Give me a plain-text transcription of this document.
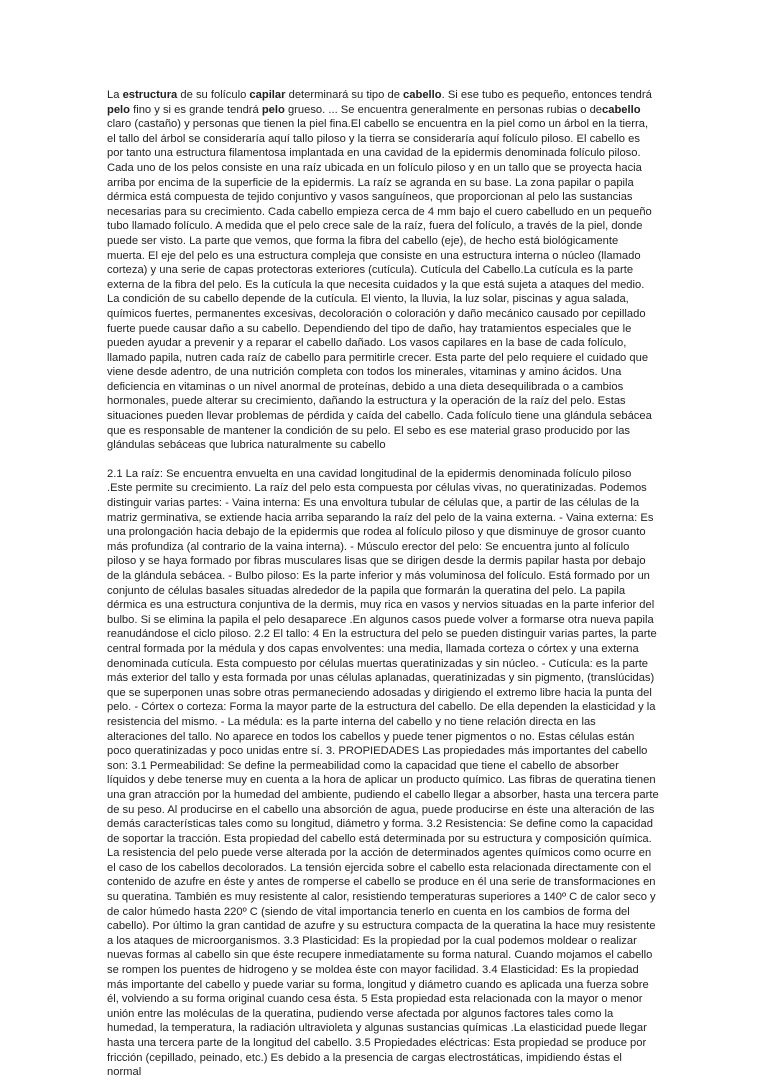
La estructura de su folículo capilar determinará su tipo de cabello. Si ese tubo es pequeño, entonces tendrá pelo fino y si es grande tendrá pelo grueso. ... Se encuentra generalmente en personas rubias o decabello claro (castaño) y personas que tienen la piel fina.El cabello se encuentra en la piel como un árbol en la tierra, el tallo del árbol se consideraría aquí tallo piloso y la tierra se consideraría aquí folículo piloso. El cabello es por tanto una estructura filamentosa implantada en una cavidad de la epidermis denominada folículo piloso. Cada uno de los pelos consiste en una raíz ubicada en un folículo piloso y en un tallo que se proyecta hacia arriba por encima de la superficie de la epidermis. La raíz se agranda en su base. La zona papilar o papila dérmica está compuesta de tejido conjuntivo y vasos sanguíneos, que proporcionan al pelo las sustancias necesarias para su crecimiento. Cada cabello empieza cerca de 4 mm bajo el cuero cabelludo en un pequeño tubo llamado folículo. A medida que el pelo crece sale de la raíz, fuera del folículo, a través de la piel, donde puede ser visto. La parte que vemos, que forma la fibra del cabello (eje), de hecho está biológicamente muerta. El eje del pelo es una estructura compleja que consiste en una estructura interna o núcleo (llamado corteza) y una serie de capas protectoras exteriores (cutícula). Cutícula del Cabello.La cutícula es la parte externa de la fibra del pelo. Es la cutícula la que necesita cuidados y la que está sujeta a ataques del medio. La condición de su cabello depende de la cutícula. El viento, la lluvia, la luz solar, piscinas y agua salada, químicos fuertes, permanentes excesivas, decoloración o coloración y daño mecánico causado por cepillado fuerte puede causar daño a su cabello. Dependiendo del tipo de daño, hay tratamientos especiales que le pueden ayudar a prevenir y a reparar el cabello dañado. Los vasos capilares en la base de cada folículo, llamado papila, nutren cada raíz de cabello para permitirle crecer. Esta parte del pelo requiere el cuidado que viene desde adentro, de una nutrición completa con todos los minerales, vitaminas y amino ácidos. Una deficiencia en vitaminas o un nivel anormal de proteínas, debido a una dieta desequilibrada o a cambios hormonales, puede alterar su crecimiento, dañando la estructura y la operación de la raíz del pelo. Estas situaciones pueden llevar problemas de pérdida y caída del cabello. Cada folículo tiene una glándula sebácea que es responsable de mantener la condición de su pelo. El sebo es ese material graso producido por las glándulas sebáceas que lubrica naturalmente su cabello

2.1 La raíz: Se encuentra envuelta en una cavidad longitudinal de la epidermis denominada folículo piloso .Este permite su crecimiento. La raíz del pelo esta compuesta por células vivas, no queratinizadas. Podemos distinguir varias partes: - Vaina interna: Es una envoltura tubular de células que, a partir de las células de la matriz germinativa, se extiende hacia arriba separando la raíz del pelo de la vaina externa. - Vaina externa: Es una prolongación hacia debajo de la epidermis que rodea al folículo piloso y que disminuye de grosor cuanto más profundiza (al contrario de la vaina interna). - Músculo erector del pelo: Se encuentra junto al folículo piloso y se haya formado por fibras musculares lisas que se dirigen desde la dermis papilar hasta por debajo de la glándula sebácea. - Bulbo piloso: Es la parte inferior y más voluminosa del folículo. Está formado por un conjunto de células basales situadas alrededor de la papila que formarán la queratina del pelo. La papila dérmica es una estructura conjuntiva de la dermis, muy rica en vasos y nervios situadas en la parte inferior del bulbo. Si se elimina la papila el pelo desaparece .En algunos casos puede volver a formarse otra nueva papila reanudándose el ciclo piloso. 2.2 El tallo: 4 En la estructura del pelo se pueden distinguir varias partes, la parte central formada por la médula y dos capas envolventes: una media, llamada corteza o córtex y una externa denominada cutícula. Esta compuesto por células muertas queratinizadas y sin núcleo. - Cutícula: es la parte más exterior del tallo y esta formada por unas células aplanadas, queratinizadas y sin pigmento, (translúcidas) que se superponen unas sobre otras permaneciendo adosadas y dirigiendo el extremo libre hacia la punta del pelo. - Córtex o corteza: Forma la mayor parte de la estructura del cabello. De ella dependen la elasticidad y la resistencia del mismo. - La médula: es la parte interna del cabello y no tiene relación directa en las alteraciones del tallo. No aparece en todos los cabellos y puede tener pigmentos o no. Estas células están poco queratinizadas y poco unidas entre sí. 3. PROPIEDADES Las propiedades más importantes del cabello son: 3.1 Permeabilidad: Se define la permeabilidad como la capacidad que tiene el cabello de absorber líquidos y debe tenerse muy en cuenta a la hora de aplicar un producto químico. Las fibras de queratina tienen una gran atracción por la humedad del ambiente, pudiendo el cabello llegar a absorber, hasta una tercera parte de su peso. Al producirse en el cabello una absorción de agua, puede producirse en éste una alteración de las demás características tales como su longitud, diámetro y forma. 3.2 Resistencia: Se define como la capacidad de soportar la tracción. Esta propiedad del cabello está determinada por su estructura y composición química. La resistencia del pelo puede verse alterada por la acción de determinados agentes químicos como ocurre en el caso de los cabellos decolorados. La tensión ejercida sobre el cabello esta relacionada directamente con el contenido de azufre en éste y antes de romperse el cabello se produce en él una serie de transformaciones en su queratina. También es muy resistente al calor, resistiendo temperaturas superiores a 140º C de calor seco y de calor húmedo hasta 220º C (siendo de vital importancia tenerlo en cuenta en los cambios de forma del cabello). Por último la gran cantidad de azufre y su estructura compacta de la queratina la hace muy resistente a los ataques de microorganismos. 3.3 Plasticidad: Es la propiedad por la cual podemos moldear o realizar nuevas formas al cabello sin que éste recupere inmediatamente su forma natural. Cuando mojamos el cabello se rompen los puentes de hidrogeno y se moldea éste con mayor facilidad. 3.4 Elasticidad: Es la propiedad más importante del cabello y puede variar su forma, longitud y diámetro cuando es aplicada una fuerza sobre él, volviendo a su forma original cuando cesa ésta. 5 Esta propiedad esta relacionada con la mayor o menor unión entre las moléculas de la queratina, pudiendo verse afectada por algunos factores tales como la humedad, la temperatura, la radiación ultravioleta y algunas sustancias químicas .La elasticidad puede llegar hasta una tercera parte de la longitud del cabello. 3.5 Propiedades eléctricas: Esta propiedad se produce por fricción (cepillado, peinado, etc.) Es debido a la presencia de cargas electrostáticas, impidiendo éstas el normal
